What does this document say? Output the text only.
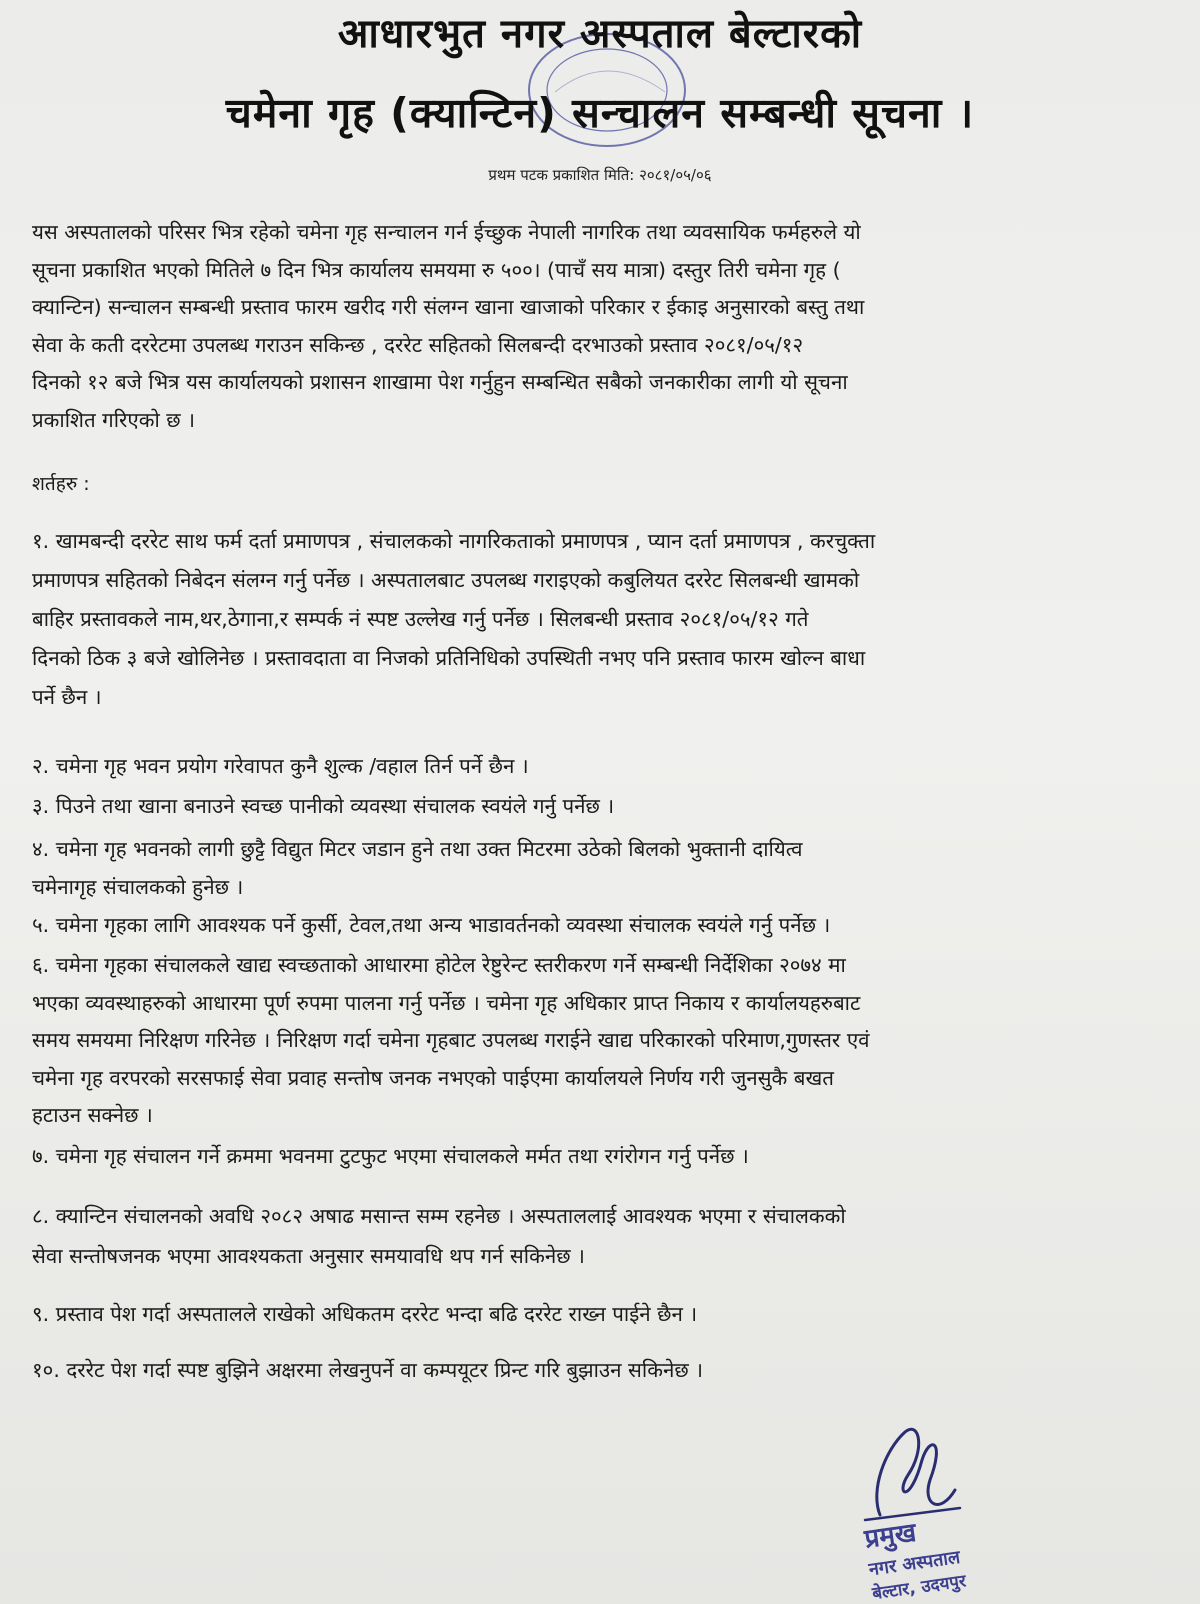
आधारभुत नगर अस्पताल बेल्टारको
चमेना गृह (क्यान्टिन) सन्चालन सम्बन्धी सूचना ।
प्रथम पटक प्रकाशित मिति: २०८१/०५/०६
यस अस्पतालको परिसर भित्र रहेको चमेना गृह सन्चालन गर्न ईच्छुक नेपाली नागरिक तथा व्यवसायिक फर्महरुले यो
सूचना प्रकाशित भएको मितिले ७ दिन भित्र कार्यालय समयमा रु ५००। (पाचँ सय मात्रा) दस्तुर तिरी चमेना गृह (
क्यान्टिन) सन्चालन सम्बन्धी प्रस्ताव फारम खरीद गरी संलग्न खाना खाजाको परिकार र ईकाइ अनुसारको बस्तु तथा
सेवा के कती दररेटमा उपलब्ध गराउन सकिन्छ , दररेट सहितको सिलबन्दी दरभाउको प्रस्ताव २०८१/०५/१२
दिनको १२ बजे भित्र यस कार्यालयको प्रशासन शाखामा पेश गर्नुहुन सम्बन्धित सबैको जनकारीका लागी यो सूचना
प्रकाशित गरिएको छ ।
शर्तहरु :
१. खामबन्दी दररेट साथ फर्म दर्ता प्रमाणपत्र , संचालकको नागरिकताको प्रमाणपत्र , प्यान दर्ता प्रमाणपत्र , करचुक्ता
प्रमाणपत्र सहितको निबेदन संलग्न गर्नु पर्नेछ । अस्पतालबाट उपलब्ध गराइएको कबुलियत दररेट सिलबन्धी खामको
बाहिर प्रस्तावकले नाम,थर,ठेगाना,र सम्पर्क नं स्पष्ट उल्लेख गर्नु पर्नेछ । सिलबन्धी प्रस्ताव २०८१/०५/१२ गते
दिनको ठिक ३ बजे खोलिनेछ । प्रस्तावदाता वा निजको प्रतिनिधिको उपस्थिती नभए पनि प्रस्ताव फारम खोल्न बाधा
पर्ने छैन ।
२. चमेना गृह भवन प्रयोग गरेवापत कुनै शुल्क /वहाल तिर्न पर्ने छैन ।
३. पिउने तथा खाना बनाउने स्वच्छ पानीको व्यवस्था संचालक स्वयंले गर्नु पर्नेछ ।
४. चमेना गृह भवनको लागी छुट्टै विद्युत मिटर जडान हुने तथा उक्त मिटरमा उठेको बिलको भुक्तानी दायित्व
चमेनागृह संचालकको हुनेछ ।
५. चमेना गृहका लागि आवश्यक पर्ने कुर्सी, टेवल,तथा अन्य भाडावर्तनको व्यवस्था संचालक स्वयंले गर्नु पर्नेछ ।
६. चमेना गृहका संचालकले खाद्य स्वच्छताको आधारमा होटेल रेष्टुरेन्ट स्तरीकरण गर्ने सम्बन्धी निर्देशिका २०७४ मा
भएका व्यवस्थाहरुको आधारमा पूर्ण रुपमा पालना गर्नु पर्नेछ । चमेना गृह अधिकार प्राप्त निकाय र कार्यालयहरुबाट
समय समयमा निरिक्षण गरिनेछ । निरिक्षण गर्दा चमेना गृहबाट उपलब्ध गराईने खाद्य परिकारको परिमाण,गुणस्तर एवं
चमेना गृह वरपरको सरसफाई सेवा प्रवाह सन्तोष जनक नभएको पाईएमा कार्यालयले निर्णय गरी जुनसुकै बखत
हटाउन सक्नेछ ।
७. चमेना गृह संचालन गर्ने क्रममा भवनमा टुटफुट भएमा संचालकले मर्मत तथा रगंरोगन गर्नु पर्नेछ ।
८. क्यान्टिन संचालनको अवधि २०८२ अषाढ मसान्त सम्म रहनेछ । अस्पताललाई आवश्यक भएमा र संचालकको
सेवा सन्तोषजनक भएमा आवश्यकता अनुसार समयावधि थप गर्न सकिनेछ ।
९. प्रस्ताव पेश गर्दा अस्पतालले राखेको अधिकतम दररेट भन्दा बढि दररेट राख्न पाईने छैन ।
१०. दररेट पेश गर्दा स्पष्ट बुझिने अक्षरमा लेखनुपर्ने वा कम्पयूटर प्रिन्ट गरि बुझाउन सकिनेछ ।
प्रमुख
नगर अस्पताल
बेल्टार, उदयपुर
